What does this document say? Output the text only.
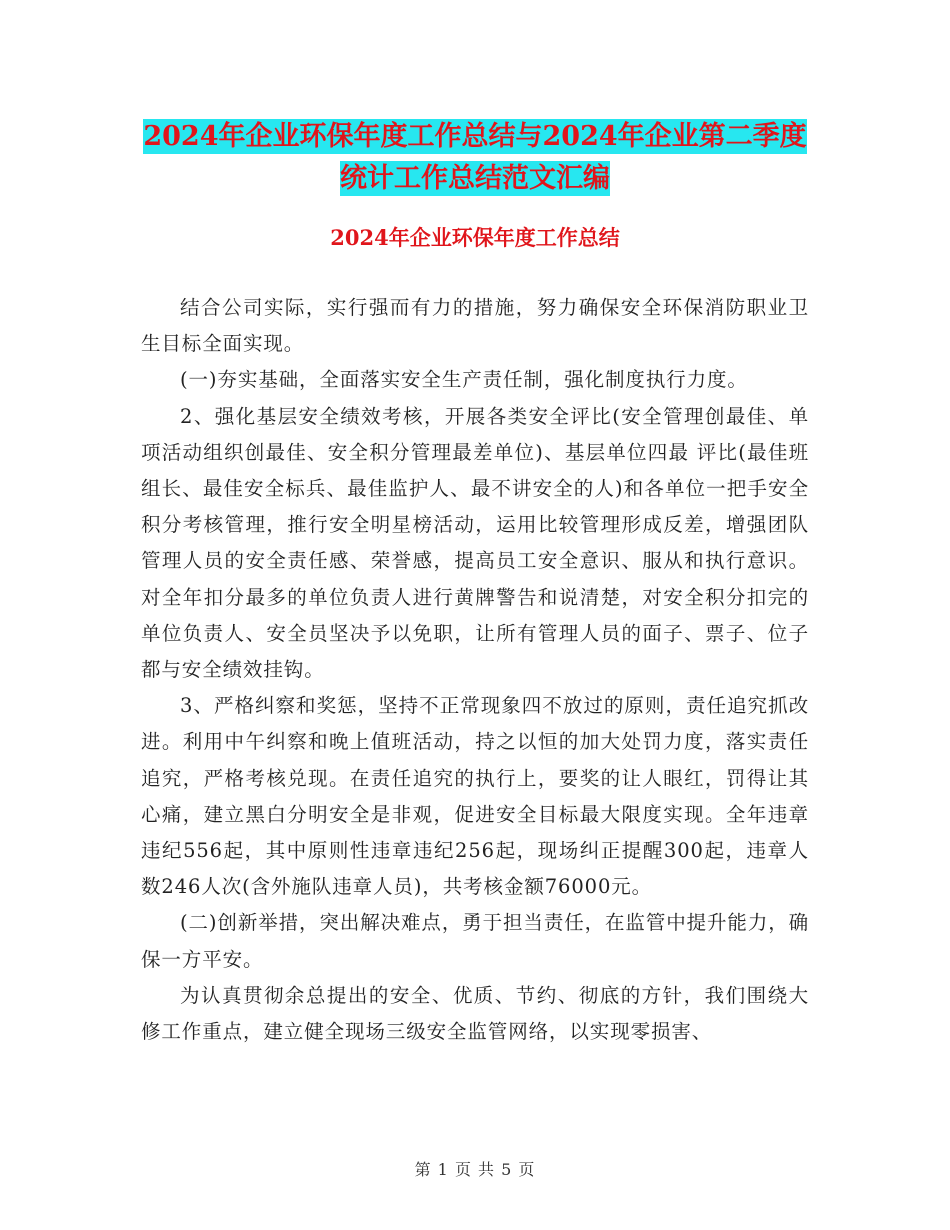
2024年企业环保年度工作总结与2024年企业第二季度
统计工作总结范文汇编
2024年企业环保年度工作总结

结合公司实际，实行强而有力的措施，努力确保安全环保消防职业卫生目标全面实现。

(一)夯实基础，全面落实安全生产责任制，强化制度执行力度。

2、强化基层安全绩效考核，开展各类安全评比(安全管理创最佳、单项活动组织创最佳、安全积分管理最差单位)、基层单位四最 评比(最佳班组长、最佳安全标兵、最佳监护人、最不讲安全的人)和各单位一把手安全积分考核管理，推行安全明星榜活动，运用比较管理形成反差，增强团队管理人员的安全责任感、荣誉感，提高员工安全意识、服从和执行意识。对全年扣分最多的单位负责人进行黄牌警告和说清楚，对安全积分扣完的单位负责人、安全员坚决予以免职，让所有管理人员的面子、票子、位子都与安全绩效挂钩。

3、严格纠察和奖惩，坚持不正常现象四不放过的原则，责任追究抓改进。利用中午纠察和晚上值班活动，持之以恒的加大处罚力度，落实责任追究，严格考核兑现。在责任追究的执行上，要奖的让人眼红，罚得让其心痛，建立黑白分明安全是非观，促进安全目标最大限度实现。全年违章违纪556起，其中原则性违章违纪256起，现场纠正提醒300起，违章人数246人次(含外施队违章人员)，共考核金额76000元。

(二)创新举措，突出解决难点，勇于担当责任，在监管中提升能力，确保一方平安。

为认真贯彻余总提出的安全、优质、节约、彻底的方针，我们围绕大修工作重点，建立健全现场三级安全监管网络，以实现零损害、

第 1 页 共 5 页
